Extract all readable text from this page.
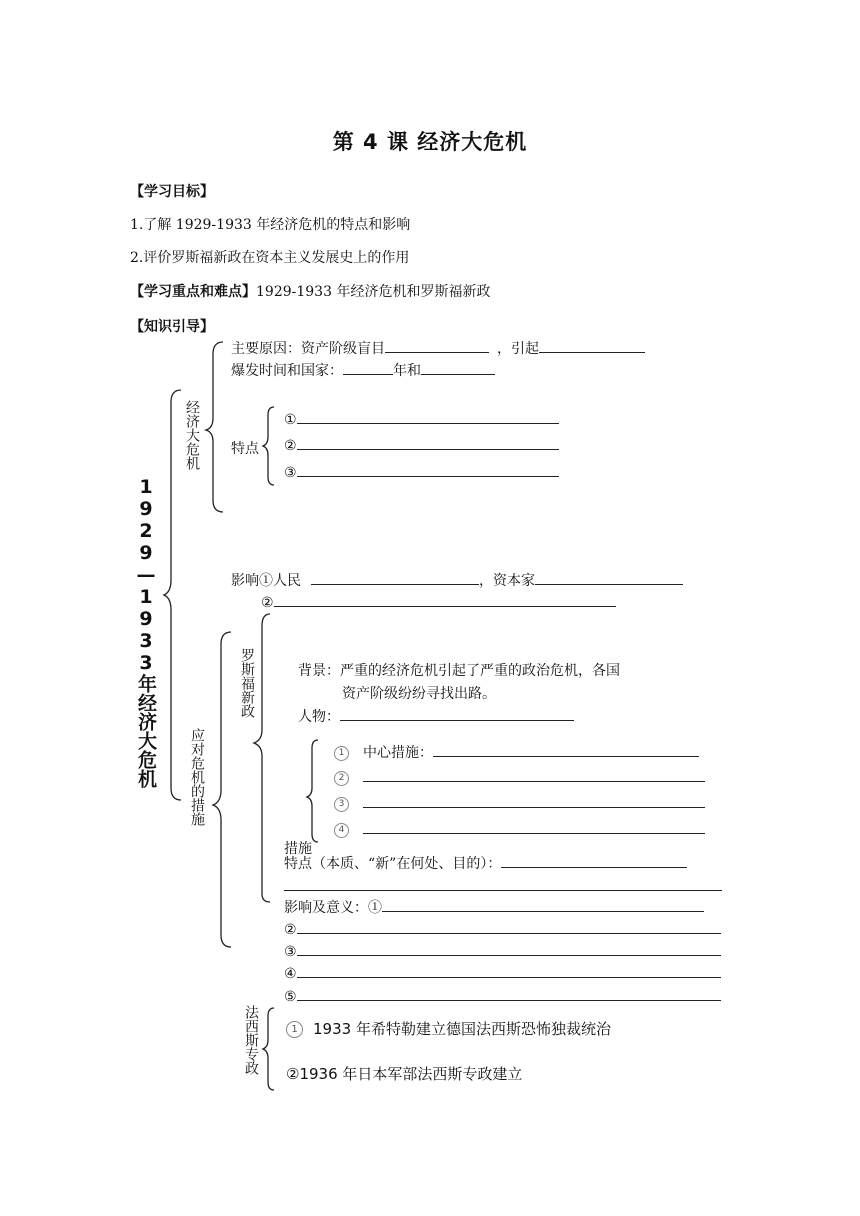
第 4 课 经济大危机
【学习目标】
1.了解 1929-1933 年经济危机的特点和影响
2.评价罗斯福新政在资本主义发展史上的作用
【学习重点和难点】1929-1933 年经济危机和罗斯福新政
【知识引导】
1929—1933年经济大危机
经济大危机
主要原因：资产阶级盲目	，引起
爆发时间和国家：	年和
特点
①
②
③
影响①人民	，资本家
②
应对危机的措施
罗斯福新政	背景：严重的经济危机引起了严重的政治危机，各国
资产阶级纷纷寻找出路。
人物：
1 中心措施：
2
3
4
措施
特点（本质、“新”在何处、目的）：
影响及意义：①
②
③
④
⑤
法西斯专政	1 1933 年希特勒建立德国法西斯恐怖独裁统治
②1936 年日本军部法西斯专政建立
